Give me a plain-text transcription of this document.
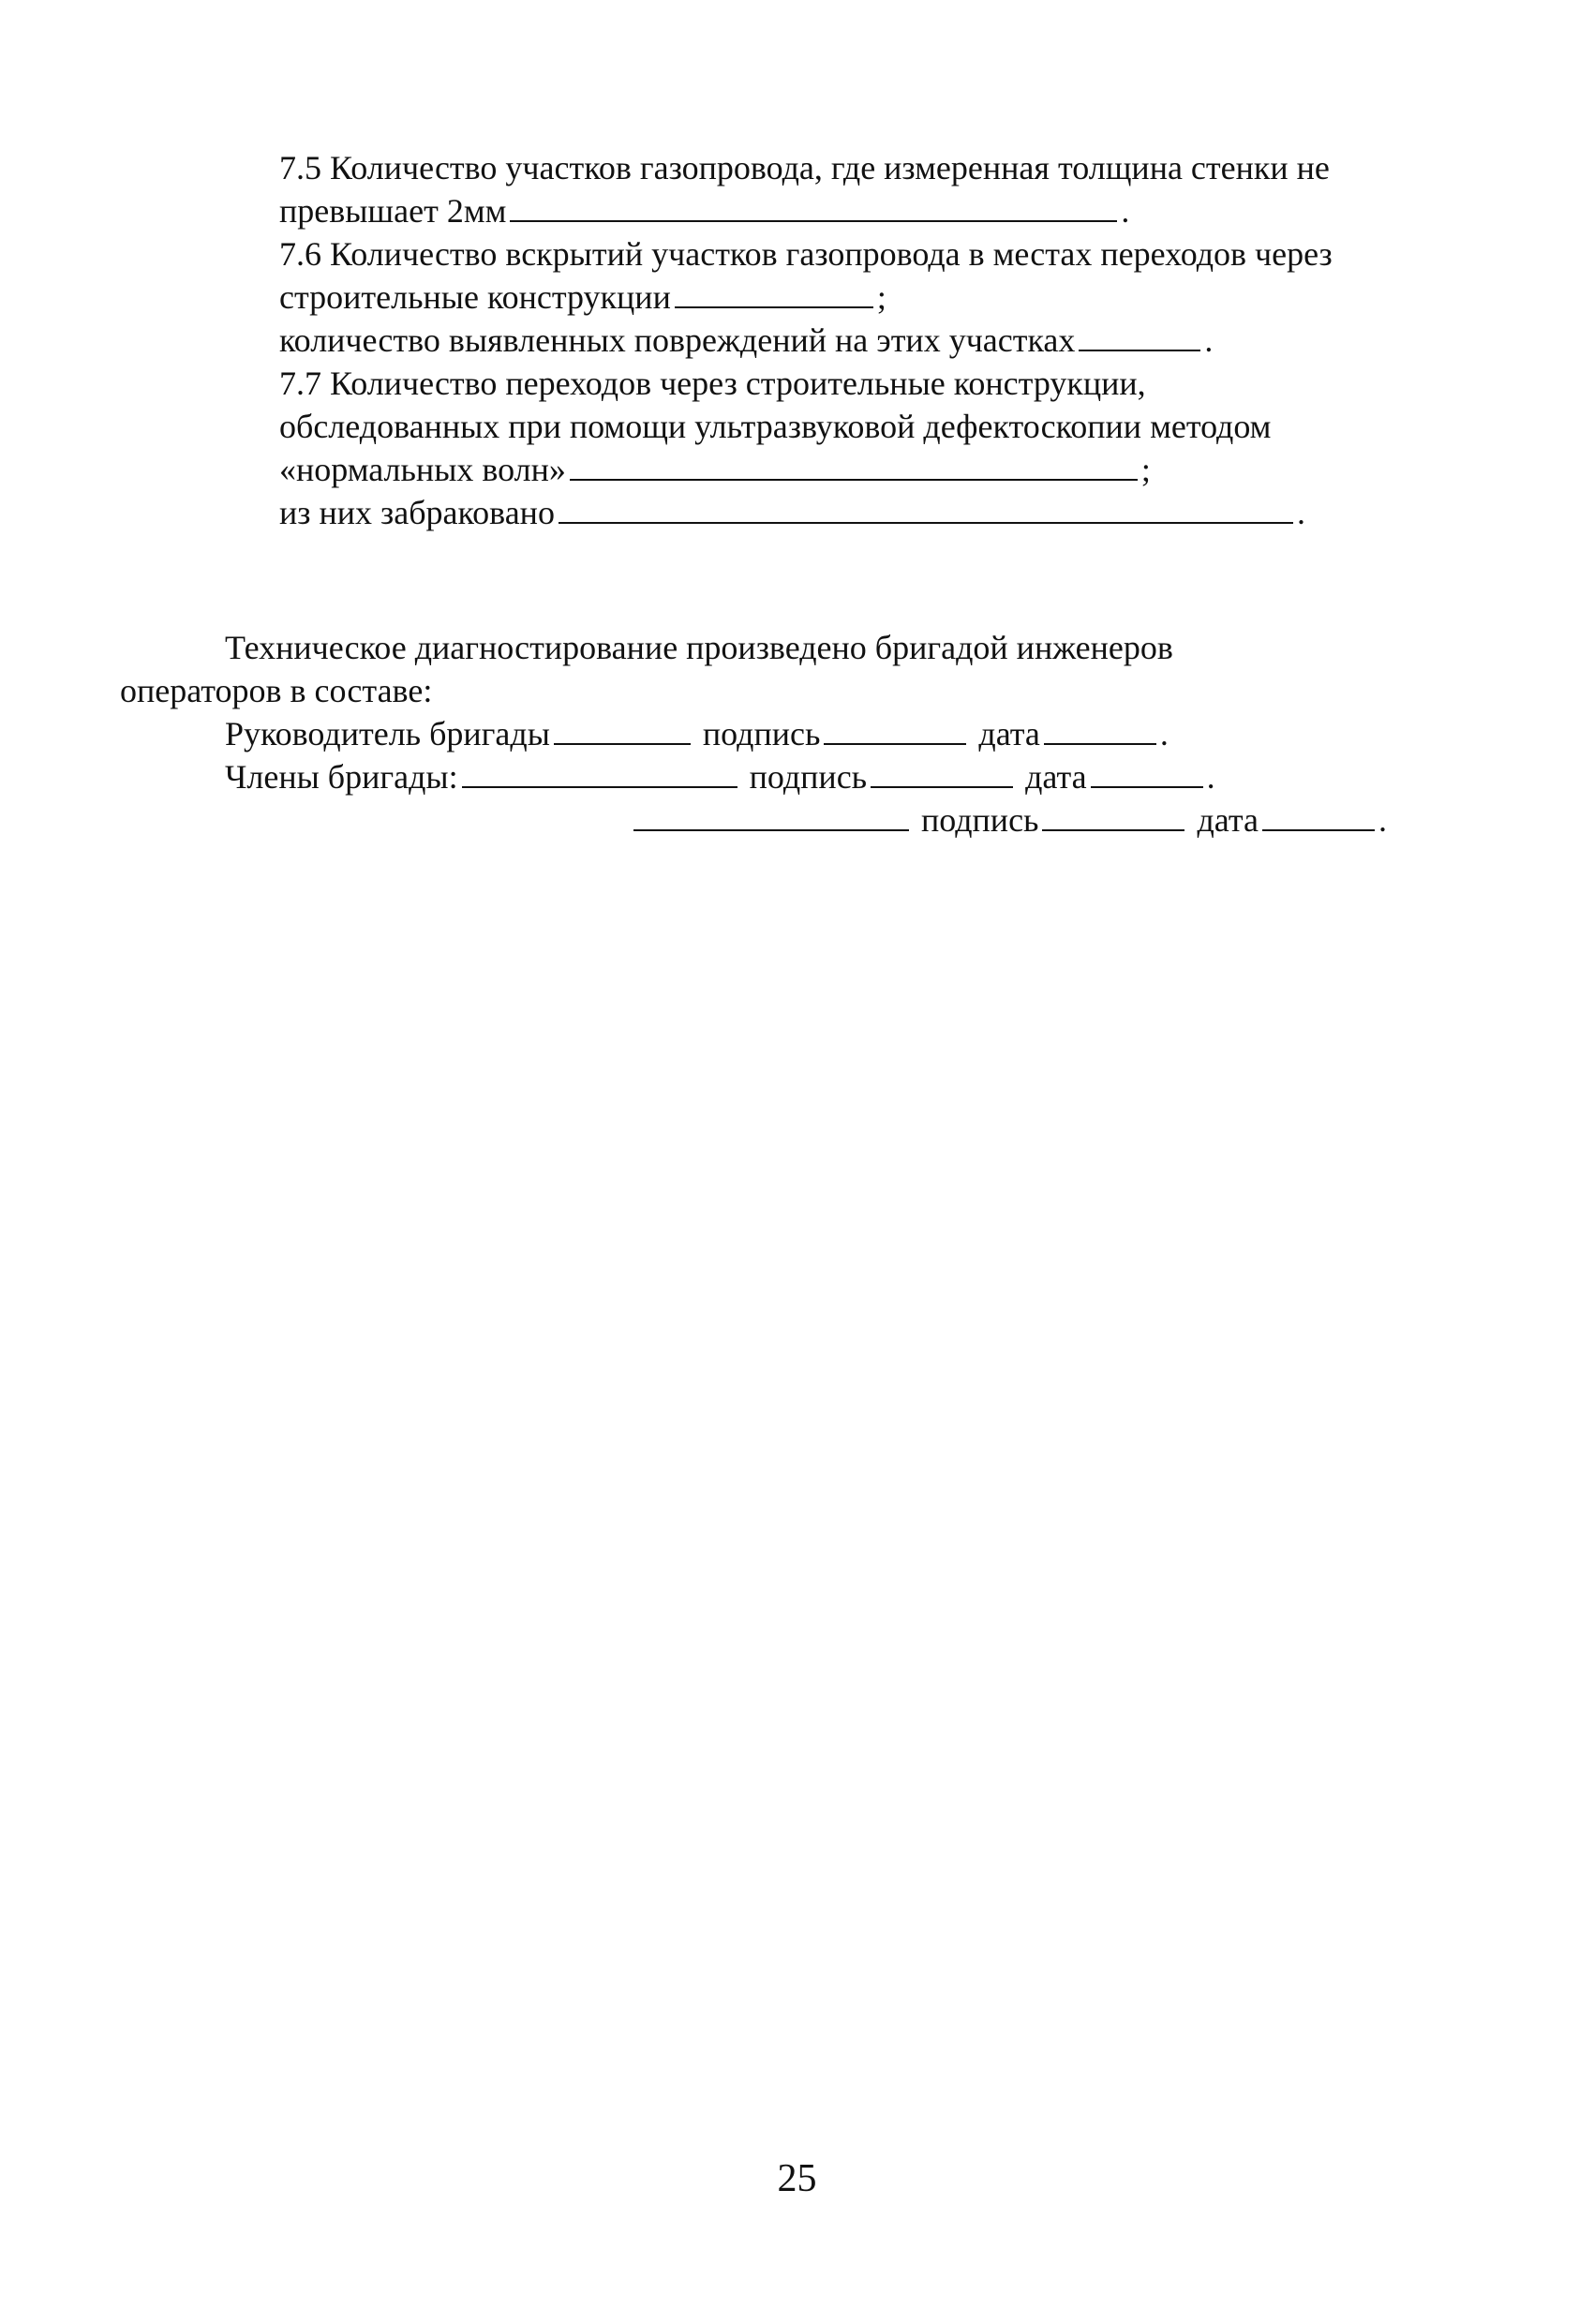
7.5 Количество участков газопровода, где измеренная толщина стенки не
превышает 2мм	.
7.6 Количество вскрытий участков газопровода в местах переходов через
строительные конструкции	;
количество выявленных повреждений на этих участках	.
7.7 Количество переходов через строительные конструкции,
обследованных при помощи ультразвуковой дефектоскопии методом
«нормальных волн»	;
из них забраковано	.
Техническое диагностирование произведено бригадой инженеров
операторов в составе:
Руководитель бригады	подпись	дата	.
Члены бригады:	подпись	дата	.
подпись	дата	.
25
